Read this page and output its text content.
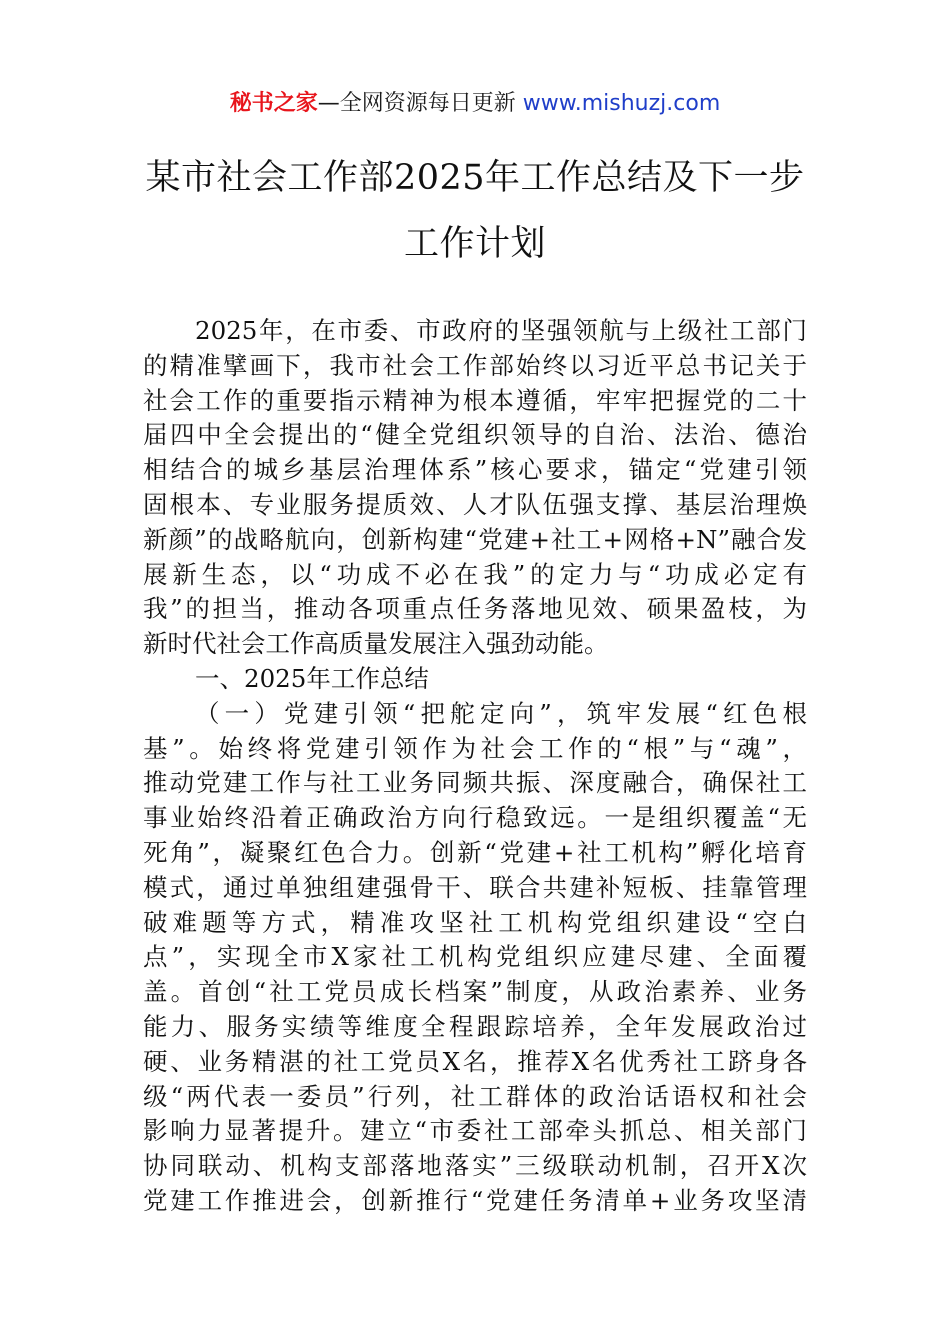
秘书之家—全网资源每日更新 www.mishuzj.com
某市社会工作部2025年工作总结及下一步
工作计划
2025年，在市委、市政府的坚强领航与上级社工部门
的精准擘画下，我市社会工作部始终以习近平总书记关于
社会工作的重要指示精神为根本遵循，牢牢把握党的二十
届四中全会提出的“健全党组织领导的自治、法治、德治
相结合的城乡基层治理体系”核心要求，锚定“党建引领
固根本、专业服务提质效、人才队伍强支撑、基层治理焕
新颜”的战略航向，创新构建“党建+社工+网格+N”融合发
展新生态，以“功成不必在我”的定力与“功成必定有
我”的担当，推动各项重点任务落地见效、硕果盈枝，为
新时代社会工作高质量发展注入强劲动能。
一、2025年工作总结
（一）党建引领“把舵定向”，筑牢发展“红色根
基”。始终将党建引领作为社会工作的“根”与“魂”，
推动党建工作与社工业务同频共振、深度融合，确保社工
事业始终沿着正确政治方向行稳致远。一是组织覆盖“无
死角”，凝聚红色合力。创新“党建+社工机构”孵化培育
模式，通过单独组建强骨干、联合共建补短板、挂靠管理
破难题等方式，精准攻坚社工机构党组织建设“空白
点”，实现全市X家社工机构党组织应建尽建、全面覆
盖。首创“社工党员成长档案”制度，从政治素养、业务
能力、服务实绩等维度全程跟踪培养，全年发展政治过
硬、业务精湛的社工党员X名，推荐X名优秀社工跻身各
级“两代表一委员”行列，社工群体的政治话语权和社会
影响力显著提升。建立“市委社工部牵头抓总、相关部门
协同联动、机构支部落地落实”三级联动机制，召开X次
党建工作推进会，创新推行“党建任务清单+业务攻坚清
